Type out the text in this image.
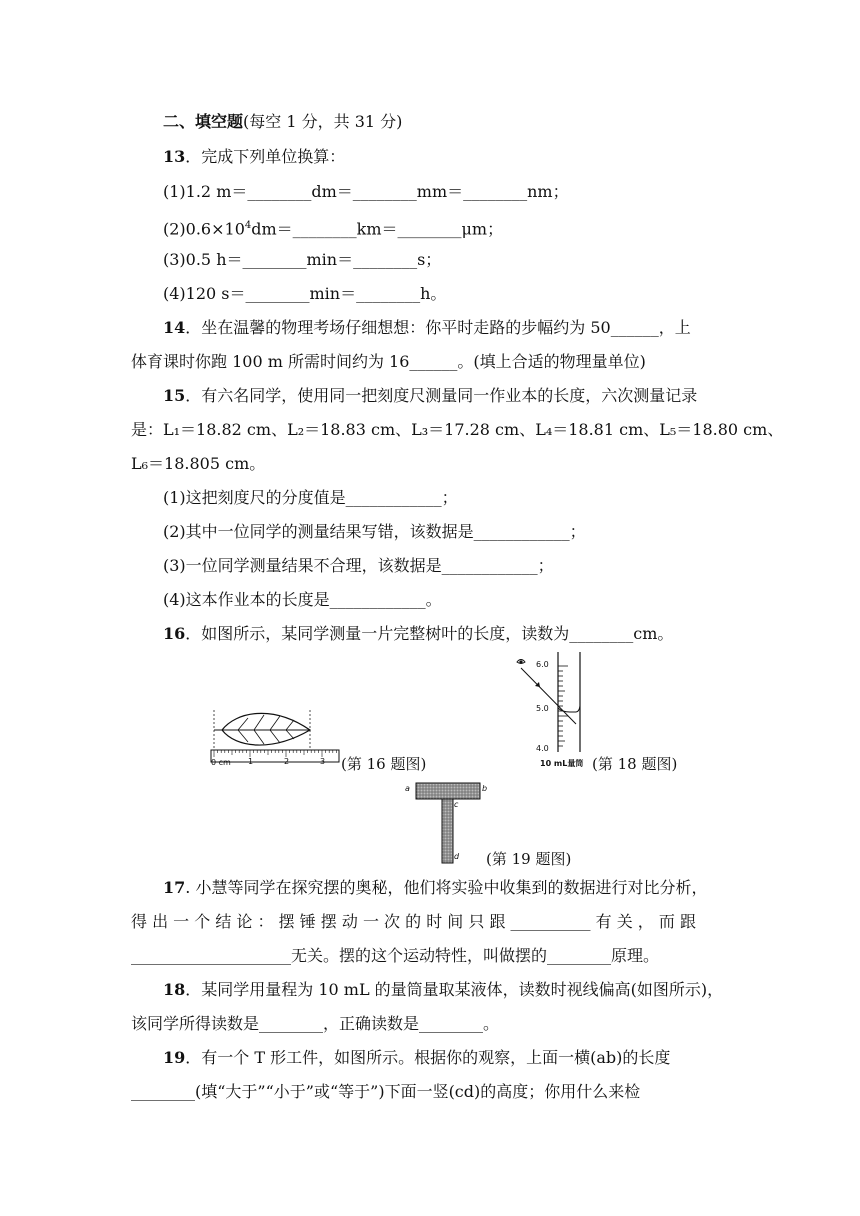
二、填空题(每空 1 分，共 31 分)
13．完成下列单位换算：
(1)1.2 m＝________dm＝________mm＝________nm；
$(2)0.6\times 10^4dm=\_\_\_\_\_\_\_\_km=\_\_\_\_\_\_\_\_\mu m$；
(3)0.5 h＝________min＝________s；
(4)120 s＝________min＝________h。
14．坐在温馨的物理考场仔细想想：你平时走路的步幅约为 50______，上
体育课时你跑 100 m 所需时间约为 16______。(填上合适的物理量单位)
15．有六名同学，使用同一把刻度尺测量同一作业本的长度，六次测量记录
是：L₁＝18.82 cm、L₂＝18.83 cm、L₃＝17.28 cm、L₄＝18.81 cm、L₅＝18.80 cm、
L₆＝18.805 cm。
(1)这把刻度尺的分度值是____________；
(2)其中一位同学的测量结果写错，该数据是____________；
(3)一位同学测量结果不合理，该数据是____________；
(4)这本作业本的长度是____________。
16．如图所示，某同学测量一片完整树叶的长度，读数为________cm。
0 cm 1	2	3 (第 16 题图)
6.0
5.0
4.0
10 mL量筒 (第 18 题图)
a	b
c
d (第 19 题图)
17. 小慧等同学在探究摆的奥秘，他们将实验中收集到的数据进行对比分析，
得 出 一 个 结 论 ： 摆 锤 摆 动 一 次 的 时 间 只 跟 __________ 有 关 ， 而 跟
____________________无关。摆的这个运动特性，叫做摆的________原理。
18．某同学用量程为 10 mL 的量筒量取某液体，读数时视线偏高(如图所示)，
该同学所得读数是________，正确读数是________。
19．有一个 T 形工件，如图所示。根据你的观察，上面一横(ab)的长度
________(填“大于”“小于”或“等于”)下面一竖(cd)的高度；你用什么来检
